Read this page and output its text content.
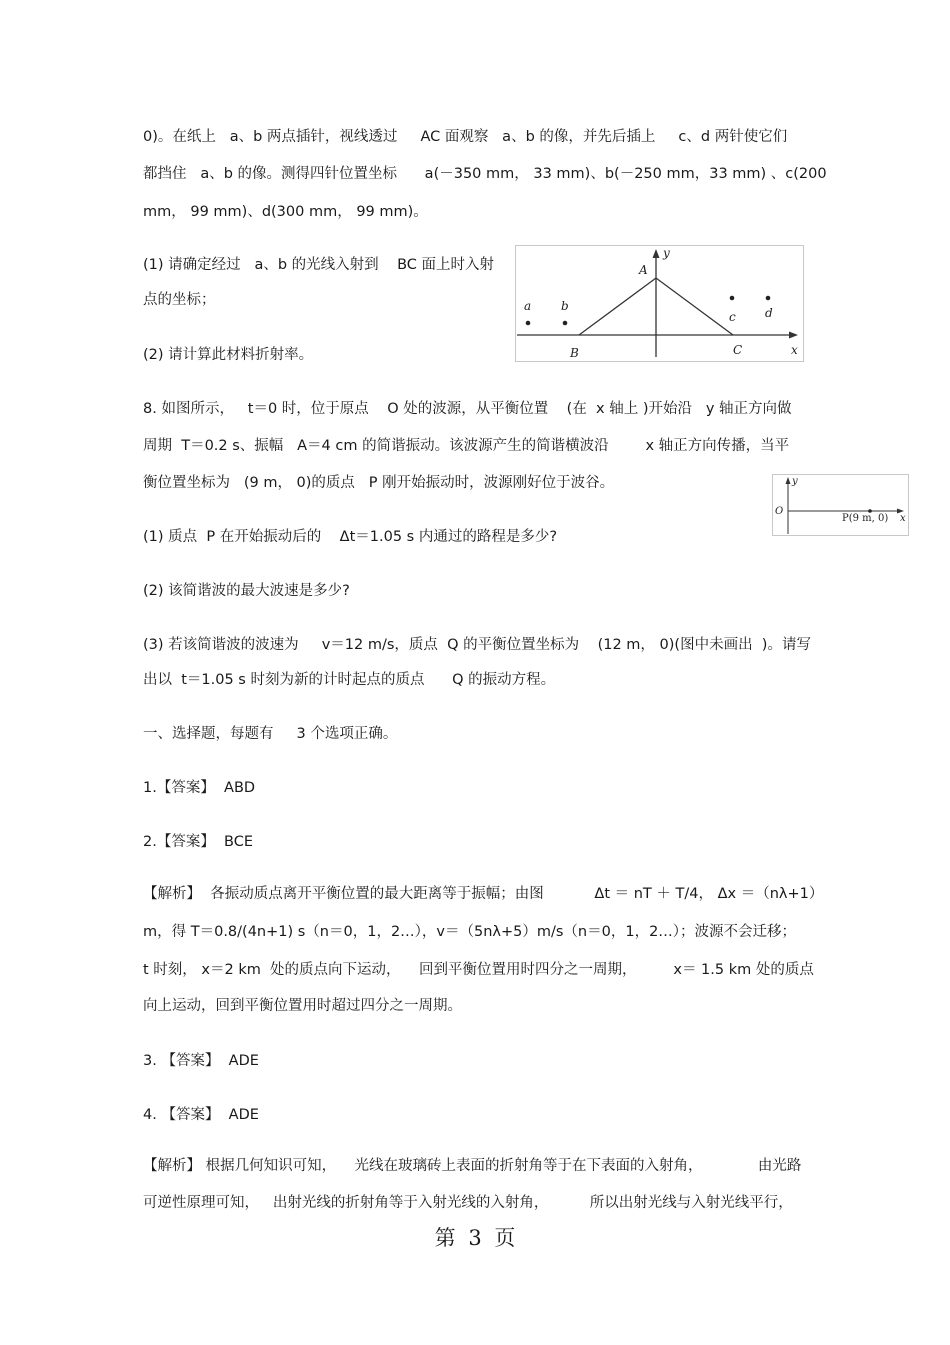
0)。在纸上   a、b 两点插针，视线透过     AC 面观察   a、b 的像，并先后插上     c、d 两针使它们
都挡住   a、b 的像。测得四针位置坐标      a(－350 mm， 33 mm)、b(－250 mm，33 mm) 、c(200
mm， 99 mm)、d(300 mm， 99 mm)。
(1) 请确定经过   a、b 的光线入射到    BC 面上时入射
点的坐标；
(2) 请计算此材料折射率。
8. 如图所示，   t＝0 时，位于原点    O 处的波源，从平衡位置    (在  x 轴上 )开始沿   y 轴正方向做
周期  T＝0.2 s、振幅   A＝4 cm 的简谐振动。该波源产生的简谐横波沿        x 轴正方向传播，当平
衡位置坐标为   (9 m， 0)的质点   P 刚开始振动时，波源刚好位于波谷。
(1) 质点  P 在开始振动后的    Δt＝1.05 s 内通过的路程是多少?
(2) 该简谐波的最大波速是多少?
(3) 若该简谐波的波速为     v＝12 m/s，质点  Q 的平衡位置坐标为    (12 m， 0)(图中未画出  )。请写
出以  t＝1.05 s 时刻为新的计时起点的质点      Q 的振动方程。
一、选择题，每题有     3 个选项正确。
1.【答案】  ABD
2.【答案】  BCE
【解析】  各振动质点离开平衡位置的最大距离等于振幅；由图           Δt ＝ nT ＋ T/4， Δx ＝（nλ+1）
m，得 T＝0.8/(4n+1) s（n＝0，1，2…），v＝（5nλ+5）m/s（n＝0，1，2…）；波源不会迁移；
t 时刻， x＝2 km  处的质点向下运动，    回到平衡位置用时四分之一周期，        x＝ 1.5 km 处的质点
向上运动，回到平衡位置用时超过四分之一周期。
3. 【答案】  ADE
4. 【答案】  ADE
【解析】 根据几何知识可知，    光线在玻璃砖上表面的折射角等于在下表面的入射角，            由光路
可逆性原理可知，   出射光线的折射角等于入射光线的入射角，         所以出射光线与入射光线平行，
y
A
a b
c d
B	C	x
y
O
P(9 m, 0) x
第 3 页
